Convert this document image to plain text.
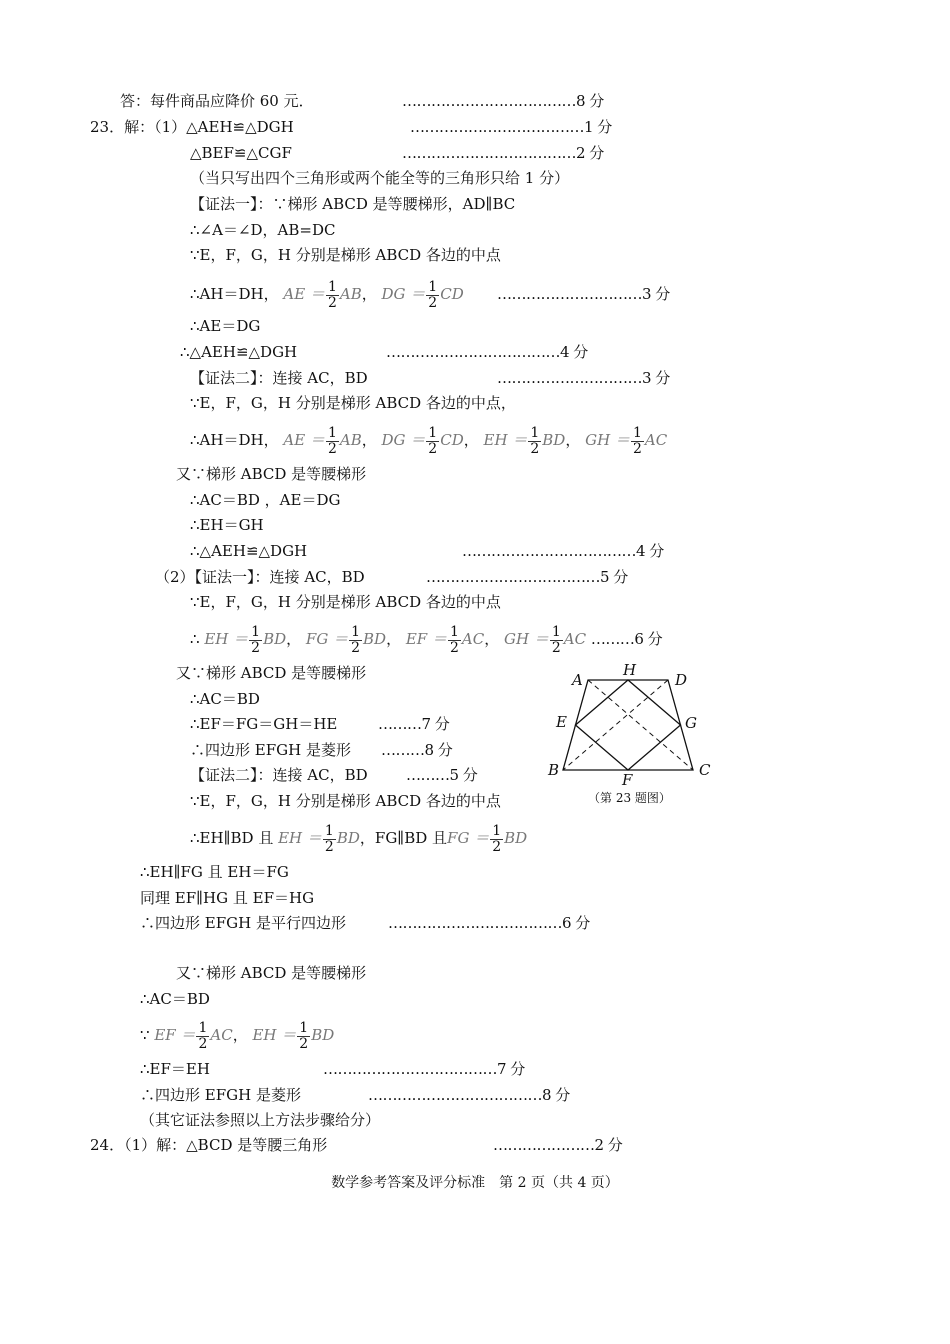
答：每件商品应降价 60 元．
23．解：（1）△AEH≌△DGH
△BEF≌△CGF
（当只写出四个三角形或两个能全等的三角形只给 1 分）
【证法一】：∵梯形 ABCD 是等腰梯形，AD∥BC
∴∠A＝∠D，AB=DC
∵E，F，G，H 分别是梯形 ABCD 各边的中点
∴AE＝DG
∴△AEH≌△DGH
【证法二】：连接 AC，BD
∵E，F，G，H 分别是梯形 ABCD 各边的中点，
又∵梯形 ABCD 是等腰梯形
∴AC＝BD ，AE＝DG
∴EH＝GH
∴△AEH≌△DGH
（2）【证法一】：连接 AC，BD
∵E，F，G，H 分别是梯形 ABCD 各边的中点
又∵梯形 ABCD 是等腰梯形
∴AC＝BD
∴EF＝FG＝GH＝HE
∴四边形 EFGH 是菱形
【证法二】：连接 AC，BD
∵E，F，G，H 分别是梯形 ABCD 各边的中点
∴EH∥FG 且 EH＝FG
同理 EF∥HG 且 EF＝HG
∴四边形 EFGH 是平行四边形
又∵梯形 ABCD 是等腰梯形
∴AC＝BD
∴EF＝EH
∴四边形 EFGH 是菱形
（其它证法参照以上方法步骤给分）
24．（1）解：△BCD 是等腰三角形
………………………………8 分
………………………………1 分
………………………………2 分
…………………………3 分
………………………………4 分
…………………………3 分
………………………………4 分
………………………………5 分
………7 分
………8 分
………5 分
………………………………6 分
………………………………7 分
………………………………8 分
…………………2 分
∴AH＝DH， AE ＝ $\frac{1}{2}$ AB， DG ＝ $\frac{1}{2}$ CD
∴AH＝DH， AE ＝ $\frac{1}{2}$ AB， DG ＝ $\frac{1}{2}$ CD， EH ＝ $\frac{1}{2}$ BD， GH ＝ $\frac{1}{2}$ AC
∴ EH ＝ $\frac{1}{2}$ BD， FG ＝ $\frac{1}{2}$ BD， EF ＝ $\frac{1}{2}$ AC， GH ＝ $\frac{1}{2}$ AC ………6 分
∴EH∥BD 且 EH ＝ $\frac{1}{2}$ BD，FG∥BD 且FG ＝ $\frac{1}{2}$ BD
∵ EF ＝ $\frac{1}{2}$ AC， EH ＝ $\frac{1}{2}$ BD
A
H
D
E	G
B
F
C
（第 23 题图）
数学参考答案及评分标准　第 2 页（共 4 页）
